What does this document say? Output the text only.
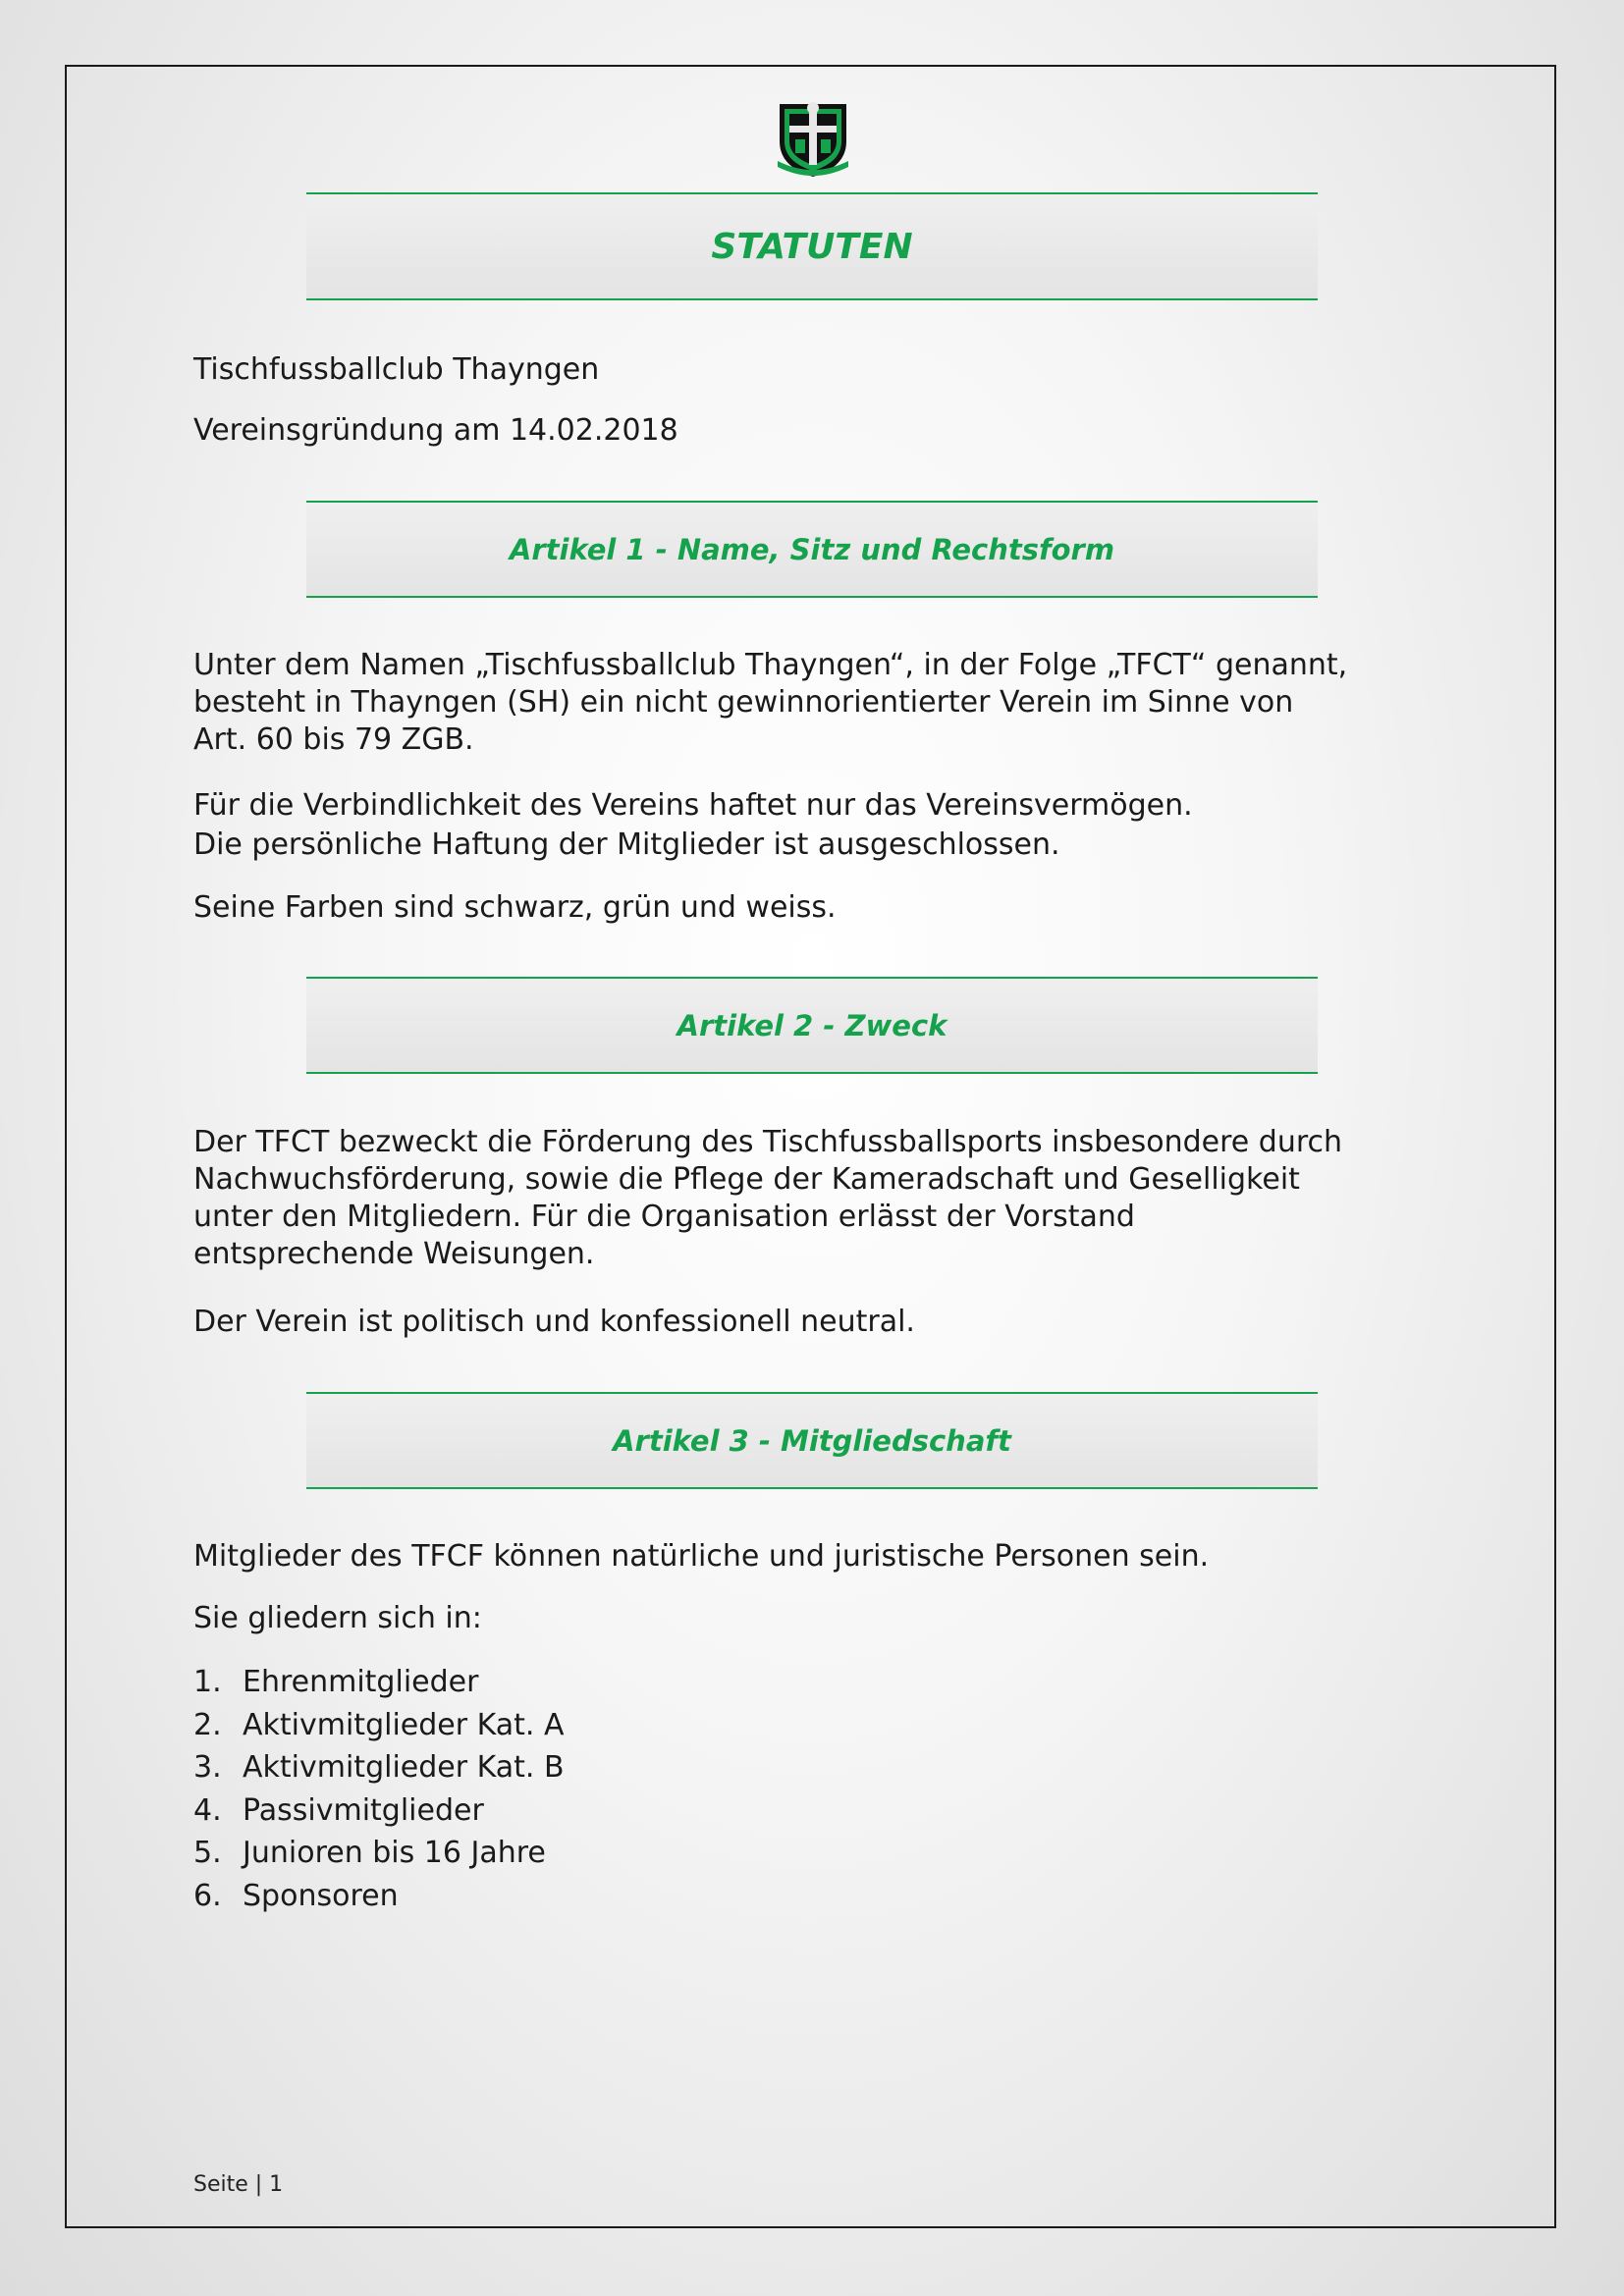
STATUTEN

Tischfussballclub Thayngen

Vereinsgründung am 14.02.2018

Artikel 1 - Name, Sitz und Rechtsform

Unter dem Namen „Tischfussballclub Thayngen“, in der Folge „TFCT“ genannt, besteht in Thayngen (SH) ein nicht gewinnorientierter Verein im Sinne von Art. 60 bis 79 ZGB.

Für die Verbindlichkeit des Vereins haftet nur das Vereinsvermögen.

Die persönliche Haftung der Mitglieder ist ausgeschlossen.

Seine Farben sind schwarz, grün und weiss.

Artikel 2 - Zweck

Der TFCT bezweckt die Förderung des Tischfussballsports insbesondere durch Nachwuchsförderung, sowie die Pflege der Kameradschaft und Geselligkeit unter den Mitgliedern. Für die Organisation erlässt der Vorstand entsprechende Weisungen.

Der Verein ist politisch und konfessionell neutral.

Artikel 3 - Mitgliedschaft

Mitglieder des TFCF können natürliche und juristische Personen sein.

Sie gliedern sich in:

1. Ehrenmitglieder
2. Aktivmitglieder Kat. A
3. Aktivmitglieder Kat. B
4. Passivmitglieder
5. Junioren bis 16 Jahre
6. Sponsoren
Seite | 1
